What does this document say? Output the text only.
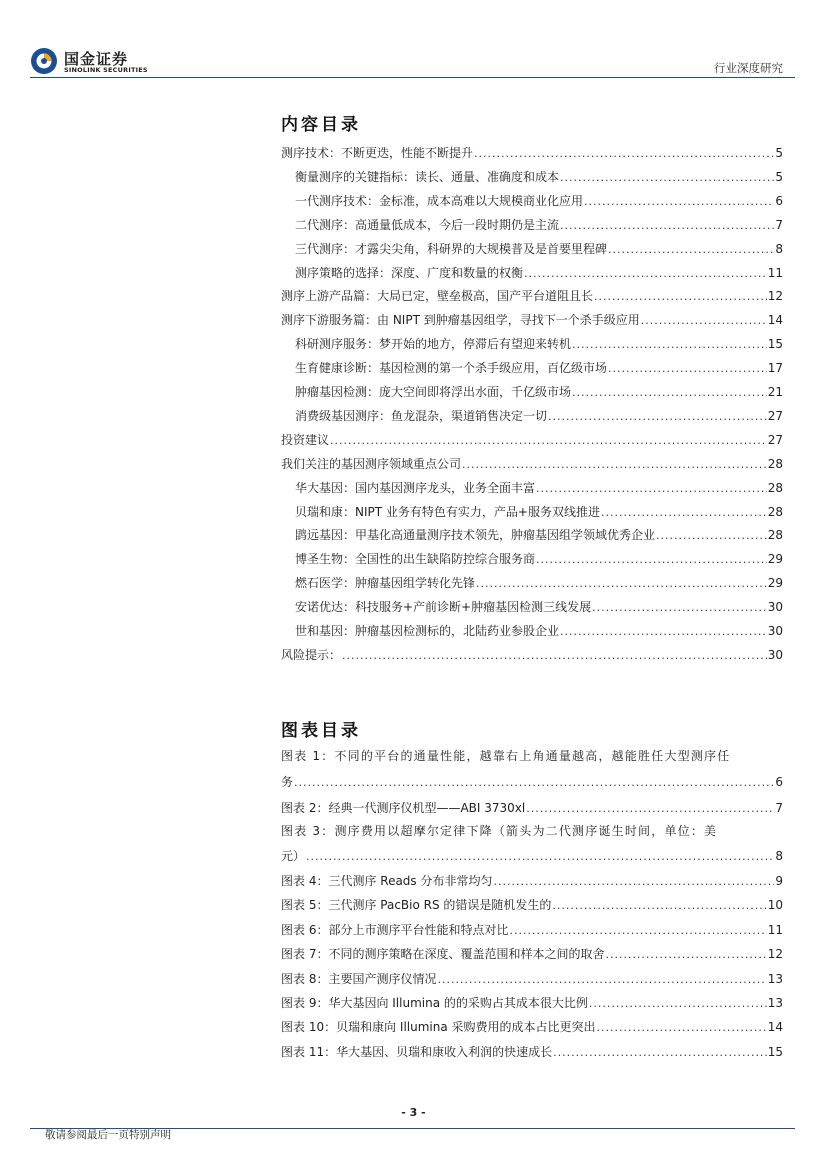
国金证券
SINOLINK SECURITIES	行业深度研究
内容目录
测序技术：不断更迭，性能不断提升 .....	5
衡量测序的关键指标：读长、通量、准确度和成本 .....	5
一代测序技术：金标准，成本高难以大规模商业化应用 .....	6
二代测序：高通量低成本，今后一段时期仍是主流 .....	7
三代测序：才露尖尖角，科研界的大规模普及是首要里程碑 .....	8
测序策略的选择：深度、广度和数量的权衡 .....	11
测序上游产品篇：大局已定，壁垒极高，国产平台道阻且长 .....	12
测序下游服务篇：由 NIPT 到肿瘤基因组学，寻找下一个杀手级应用 .....	14
科研测序服务：梦开始的地方，停滞后有望迎来转机 .....	15
生育健康诊断：基因检测的第一个杀手级应用，百亿级市场 .....	17
肿瘤基因检测：庞大空间即将浮出水面，千亿级市场 .....	21
消费级基因测序：鱼龙混杂，渠道销售决定一切 .....	27
投资建议 .....	27
我们关注的基因测序领域重点公司 .....	28
华大基因：国内基因测序龙头，业务全面丰富 .....	28
贝瑞和康：NIPT 业务有特色有实力，产品+服务双线推进 .....	28
鹍远基因：甲基化高通量测序技术领先，肿瘤基因组学领域优秀企业 .....	28
博圣生物：全国性的出生缺陷防控综合服务商 .....	29
燃石医学：肿瘤基因组学转化先锋 .....	29
安诺优达：科技服务+产前诊断+肿瘤基因检测三线发展 .....	30
世和基因：肿瘤基因检测标的，北陆药业参股企业 .....	30
风险提示： .....	30
图表目录
图表 1：不同的平台的通量性能，越靠右上角通量越高，越能胜任大型测序任
务 .....	6
图表 2：经典一代测序仪机型——ABI 3730xl .....	7
图表 3：测序费用以超摩尔定律下降（箭头为二代测序诞生时间，单位：美
元） .....	8
图表 4：三代测序 Reads 分布非常均匀 .....	9
图表 5：三代测序 PacBio RS 的错误是随机发生的 .....	10
图表 6：部分上市测序平台性能和特点对比 .....	11
图表 7：不同的测序策略在深度、覆盖范围和样本之间的取舍 .....	12
图表 8：主要国产测序仪情况 .....	13
图表 9：华大基因向 Illumina 的的采购占其成本很大比例 .....	13
图表 10：贝瑞和康向 Illumina 采购费用的成本占比更突出 .....	14
图表 11：华大基因、贝瑞和康收入利润的快速成长 .....	15
- 3 -
敬请参阅最后一页特别声明
